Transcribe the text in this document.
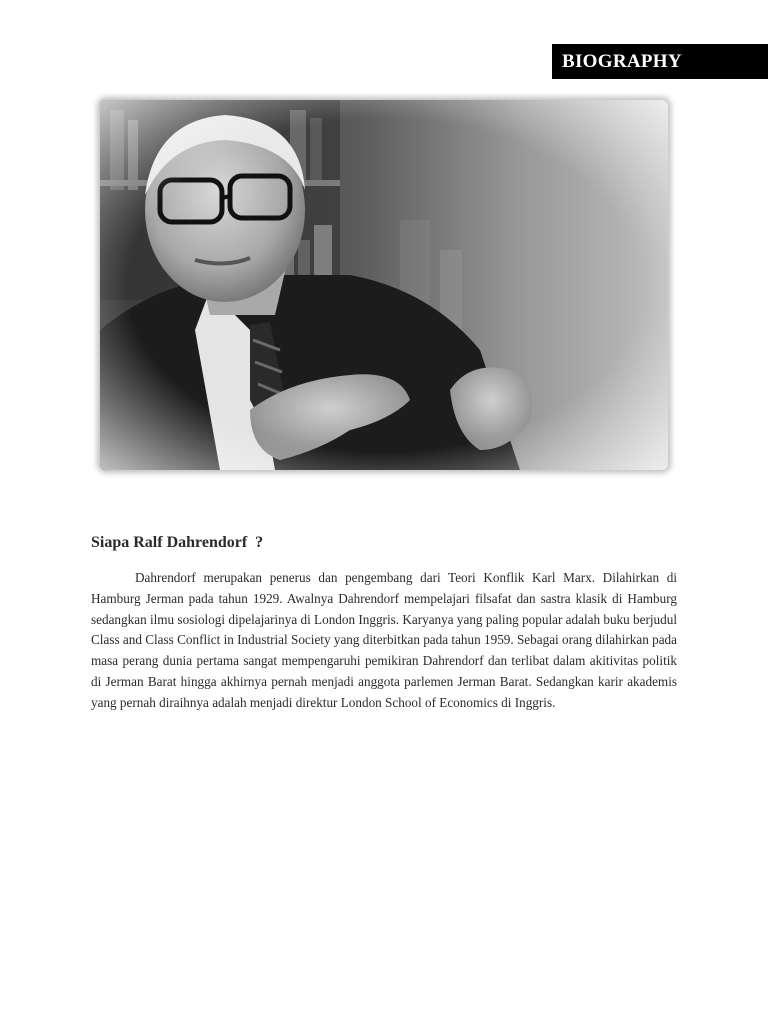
BIOGRAPHY
Siapa Ralf Dahrendorf  ?

Dahrendorf merupakan penerus dan pengembang dari Teori Konflik Karl Marx. Dilahirkan di Hamburg Jerman pada tahun 1929. Awalnya Dahrendorf mempelajari filsafat dan sastra klasik di Hamburg sedangkan ilmu sosiologi dipelajarinya di London Inggris. Karyanya yang paling popular adalah buku berjudul Class and Class Conflict in Industrial Society yang diterbitkan pada tahun 1959. Sebagai orang dilahirkan pada masa perang dunia pertama sangat mempengaruhi pemikiran Dahrendorf dan terlibat dalam akitivitas politik di Jerman Barat hingga akhirnya pernah menjadi anggota parlemen Jerman Barat. Sedangkan karir akademis yang pernah diraihnya adalah menjadi direktur London School of Economics di Inggris.
